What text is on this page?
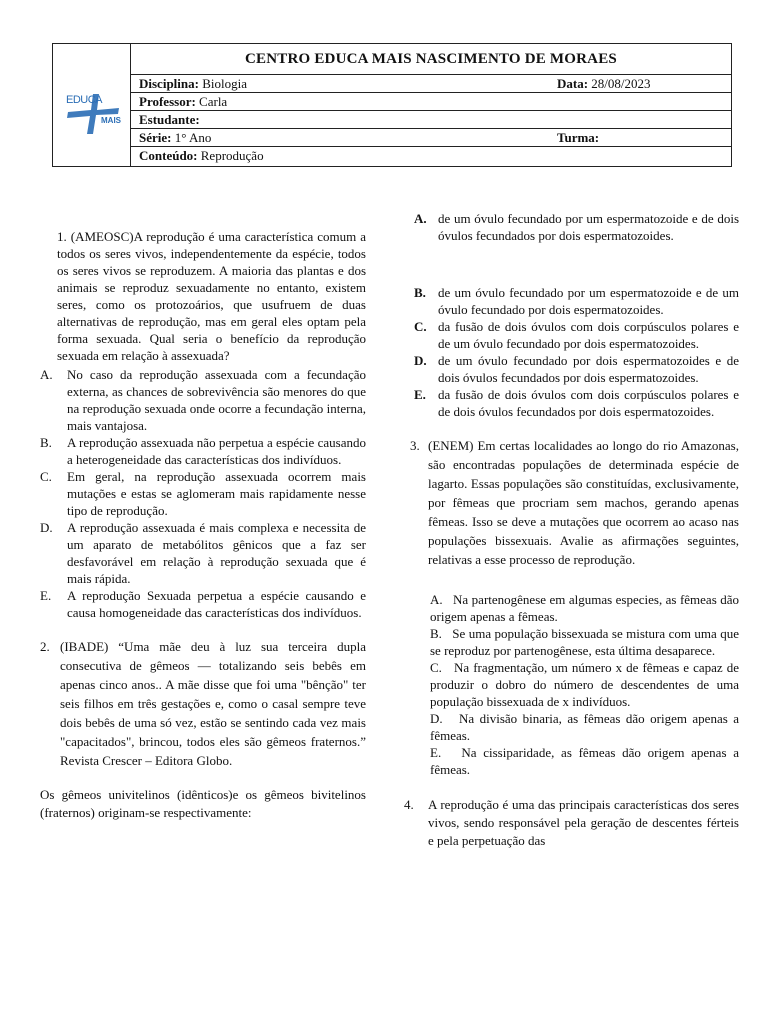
EDUCA
MAIS
CENTRO EDUCA MAIS NASCIMENTO DE MORAES
Disciplina: Biologia	Data: 28/08/2023
Professor: Carla
Estudante:
Série: 1° Ano	Turma:
Conteúdo: Reprodução
1. (AMEOSC)A reprodução é uma característica comum a todos os seres vivos, independentemente da espécie, todos os seres vivos se reproduzem. A maioria das plantas e dos animais se reproduz sexuadamente no entanto, existem seres, como os protozoários, que usufruem de duas alternativas de reprodução, mas em geral eles optam pela forma sexuada. Qual seria o benefício da reprodução sexuada em relação à assexuada?
A. No caso da reprodução assexuada com a fecundação externa, as chances de sobrevivência são menores do que na reprodução sexuada onde ocorre a fecundação interna, mais vantajosa.
B. A reprodução assexuada não perpetua a espécie causando a heterogeneidade das características dos indivíduos.
C. Em geral, na reprodução assexuada ocorrem mais mutações e estas se aglomeram mais rapidamente nesse tipo de reprodução.
D. A reprodução assexuada é mais complexa e necessita de um aparato de metabólitos gênicos que a faz ser desfavorável em relação à reprodução sexuada que é mais rápida.
E. A reprodução Sexuada perpetua a espécie causando e causa homogeneidade das características dos indivíduos.
2. (IBADE) “Uma mãe deu à luz sua terceira dupla consecutiva de gêmeos — totalizando seis bebês em apenas cinco anos.. A mãe disse que foi uma "bênção" ter seis filhos em três gestações e, como o casal sempre teve dois bebês de uma só vez, estão se sentindo cada vez mais "capacitados", brincou, todos eles são gêmeos fraternos.” Revista Crescer – Editora Globo.
Os gêmeos univitelinos (idênticos)e os gêmeos bivitelinos (fraternos) originam-se respectivamente:
A. de um óvulo fecundado por um espermatozoide e de dois óvulos fecundados por dois espermatozoides.
B. de um óvulo fecundado por um espermatozoide e de um óvulo fecundado por dois espermatozoides.
C. da fusão de dois óvulos com dois corpúsculos polares e de um óvulo fecundado por dois espermatozoides.
D. de um óvulo fecundado por dois espermatozoides e de dois óvulos fecundados por dois espermatozoides.
E. da fusão de dois óvulos com dois corpúsculos polares e de dois óvulos fecundados por dois espermatozoides.
3. (ENEM) Em certas localidades ao longo do rio Amazonas, são encontradas populações de determinada espécie de lagarto. Essas populações são constituídas, exclusivamente, por fêmeas que procriam sem machos, gerando apenas fêmeas. Isso se deve a mutações que ocorrem ao acaso nas populações bissexuais. Avalie as afirmações seguintes, relativas a esse processo de reprodução.
A. Na partenogênese em algumas especies, as fêmeas dão origem apenas a fêmeas.
B. Se uma população bissexuada se mistura com uma que se reproduz por partenogênese, esta última desaparece.
C. Na fragmentação, um número x de fêmeas e capaz de produzir o dobro do número de descendentes de uma população bissexuada de x indivíduos.
D. Na divisão binaria, as fêmeas dão origem apenas a fêmeas.
E. Na cissiparidade, as fêmeas dão origem apenas a fêmeas.
4. A reprodução é uma das principais características dos seres vivos, sendo responsável pela geração de descentes férteis e pela perpetuação das
